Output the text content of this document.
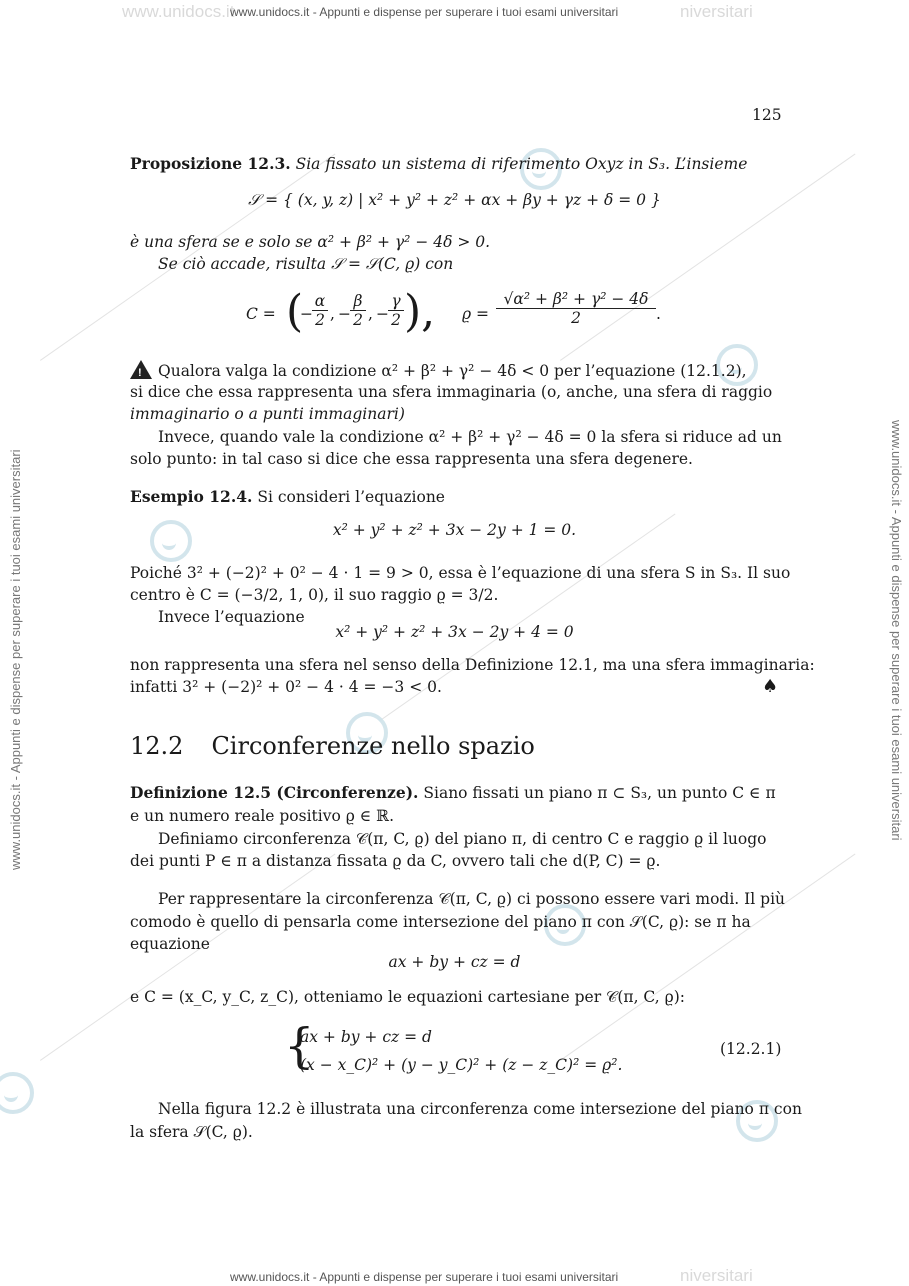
www.unidocs.it	niversitari
www.unidocs.it - Appunti e dispense per superare i tuoi esami universitari
niversitari
www.unidocs.it - Appunti e dispense per superare i tuoi esami universitari
www.unidocs.it - Appunti e dispense per superare i tuoi esami universitari	www.unidocs.it - Appunti e dispense per superare i tuoi esami universitari
125
Proposizione 12.3. Sia fissato un sistema di riferimento Oxyz in S₃. L’insieme
𝒮 = { (x, y, z) | x² + y² + z² + αx + βy + γz + δ = 0 }
è una sfera se e solo se α² + β² + γ² − 4δ > 0.
Se ciò accade, risulta 𝒮 = 𝒮(C, ϱ) con
C = (
− $\frac{\alpha}{2}$ , − $\frac{\beta}{2}$ , − $\frac{\gamma}{2}$ ), $ϱ = \frac{\text{√α² + β² + γ² − 4δ}}{2}$ .
!Qualora valga la condizione α² + β² + γ² − 4δ < 0 per l’equazione (12.1.2),
si dice che essa rappresenta una sfera immaginaria (o, anche, una sfera di raggio
immaginario o a punti immaginari)
Invece, quando vale la condizione α² + β² + γ² − 4δ = 0 la sfera si riduce ad un
solo punto: in tal caso si dice che essa rappresenta una sfera degenere.
Esempio 12.4. Si consideri l’equazione
x² + y² + z² + 3x − 2y + 1 = 0.
Poiché 3² + (−2)² + 0² − 4 · 1 = 9 > 0, essa è l’equazione di una sfera S in S₃. Il suo
centro è C = (−3/2, 1, 0), il suo raggio ϱ = 3/2.
Invece l’equazione
x² + y² + z² + 3x − 2y + 4 = 0
non rappresenta una sfera nel senso della Definizione 12.1, ma una sfera immaginaria:
infatti 3² + (−2)² + 0² − 4 · 4 = −3 < 0.	♠
12.2 Circonferenze nello spazio
Definizione 12.5 (Circonferenze). Siano fissati un piano π ⊂ S₃, un punto C ∈ π
e un numero reale positivo ϱ ∈ ℝ.
Definiamo circonferenza 𝒞(π, C, ϱ) del piano π, di centro C e raggio ϱ il luogo
dei punti P ∈ π a distanza fissata ϱ da C, ovvero tali che d(P, C) = ϱ.
Per rappresentare la circonferenza 𝒞(π, C, ϱ) ci possono essere vari modi. Il più
comodo è quello di pensarla come intersezione del piano π con 𝒮(C, ϱ): se π ha
equazione
ax + by + cz = d
e C = (x_C, y_C, z_C), otteniamo le equazioni cartesiane per 𝒞(π, C, ϱ):
{
ax + by + cz = d
(x − x_C)² + (y − y_C)² + (z − z_C)² = ϱ².
(12.2.1)
Nella figura 12.2 è illustrata una circonferenza come intersezione del piano π con
la sfera 𝒮(C, ϱ).
